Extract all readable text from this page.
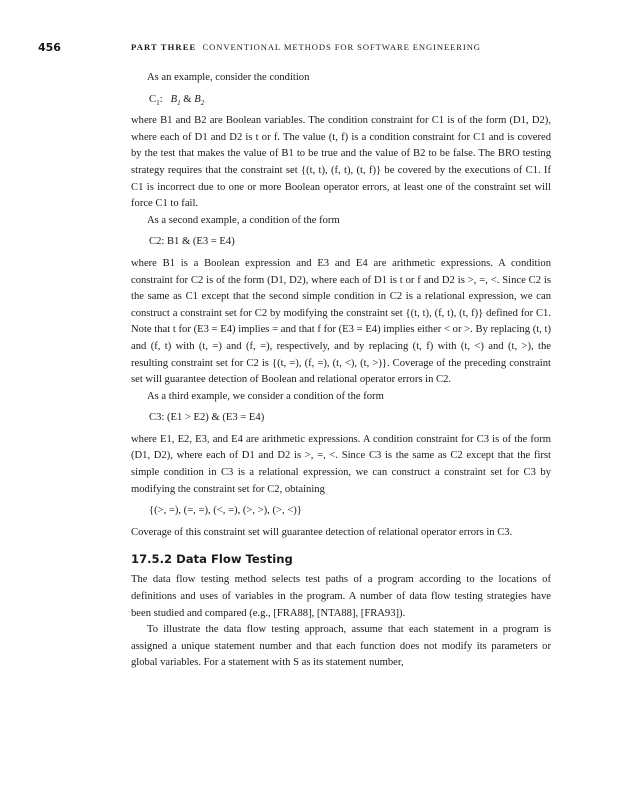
456	PART THREE CONVENTIONAL METHODS FOR SOFTWARE ENGINEERING

As an example, consider the condition

$C_1$: $B_1$ & $B_2$

where B1 and B2 are Boolean variables. The condition constraint for C1 is of the form (D1, D2), where each of D1 and D2 is t or f. The value (t, f) is a condition constraint for C1 and is covered by the test that makes the value of B1 to be true and the value of B2 to be false. The BRO testing strategy requires that the constraint set {(t, t), (f, t), (t, f)} be covered by the executions of C1. If C1 is incorrect due to one or more Boolean operator errors, at least one of the constraint set will force C1 to fail.

As a second example, a condition of the form

C2: B1 & (E3 = E4)

where B1 is a Boolean expression and E3 and E4 are arithmetic expressions. A condition constraint for C2 is of the form (D1, D2), where each of D1 is t or f and D2 is >, =, <. Since C2 is the same as C1 except that the second simple condition in C2 is a relational expression, we can construct a constraint set for C2 by modifying the constraint set {(t, t), (f, t), (t, f)} defined for C1. Note that t for (E3 = E4) implies = and that f for (E3 = E4) implies either < or >. By replacing (t, t) and (f, t) with (t, =) and (f, =), respectively, and by replacing (t, f) with (t, <) and (t, >), the resulting constraint set for C2 is {(t, =), (f, =), (t, <), (t, >)}. Coverage of the preceding constraint set will guarantee detection of Boolean and relational operator errors in C2.

As a third example, we consider a condition of the form

C3: (E1 > E2) & (E3 = E4)

where E1, E2, E3, and E4 are arithmetic expressions. A condition constraint for C3 is of the form (D1, D2), where each of D1 and D2 is >, =, <. Since C3 is the same as C2 except that the first simple condition in C3 is a relational expression, we can construct a constraint set for C3 by modifying the constraint set for C2, obtaining

{(>, =), (=, =), (<, =), (>, >), (>, <)}

Coverage of this constraint set will guarantee detection of relational operator errors in C3.

17.5.2 Data Flow Testing

The data flow testing method selects test paths of a program according to the locations of definitions and uses of variables in the program. A number of data flow testing strategies have been studied and compared (e.g., [FRA88], [NTA88], [FRA93]).

To illustrate the data flow testing approach, assume that each statement in a program is assigned a unique statement number and that each function does not modify its parameters or global variables. For a statement with S as its statement number,
